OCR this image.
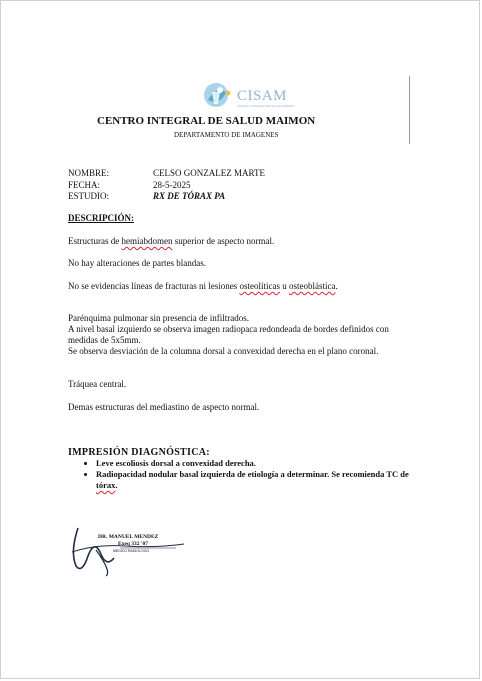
CISAM
CENTRO INTEGRAL DE SALUD MAIMON
CENTRO INTEGRAL DE SALUD MAIMON
DEPARTAMENTO DE IMAGENES
NOMBRE:	CELSO GONZALEZ MARTE
FECHA:	28-5-2025
ESTUDIO:	RX DE TÓRAX PA
DESCRIPCIÓN:
Estructuras de hemiabdomen superior de aspecto normal.
No hay alteraciones de partes blandas.
No se evidencias líneas de fracturas ni lesiones osteolíticas u osteoblástica.
Parénquima pulmonar sin presencia de infiltrados.
A nivel basal izquierdo se observa imagen radiopaca redondeada de bordes definidos con medidas de 5x5mm.
Se observa desviación de la columna dorsal a convexidad derecha en el plano coronal.
Tráquea central.
Demas estructuras del mediastino de aspecto normal.
IMPRESIÓN DIAGNÓSTICA:
• Leve escoliosis dorsal a convexidad derecha.
• Radiopacidad nodular basal izquierda de etiología a determinar. Se recomienda TC de tórax.
DR. MANUEL MENDEZ
Exeq 332 '07
MEDICO RADIOLOGO
